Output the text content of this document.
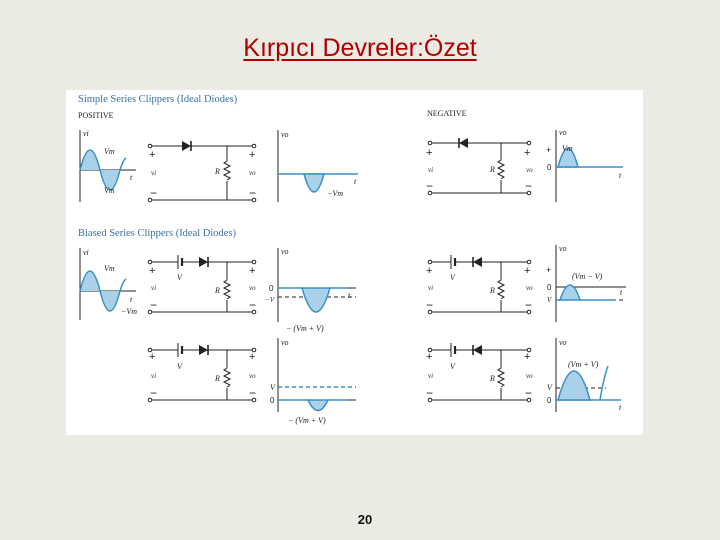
Kırpıcı Devreler:Özet
Simple Series Clippers (Ideal Diodes)
POSITIVE	NEGATIVE
Biased Series Clippers (Ideal Diodes)
vi
Vm
Vm
t
+
vi
−
R
+
vo
−
vo
t
−Vm
+
vi
−
R
+
vo
−
vo
Vm
+
0
t
vi
Vm
−Vm
t
V
+
vi
−
R
+
vo
−
vo
0
−V	t
− (Vm + V)
V
+
vi
−
R
+
vo
−
vo
(Vm − V)
+
0
V
t
V
+
vi
−
R
+
vo
−
vo
V
0
− (Vm + V)
V
+
vi
−
R
+
vo
−
vo
(Vm + V)
V
0
t
20
